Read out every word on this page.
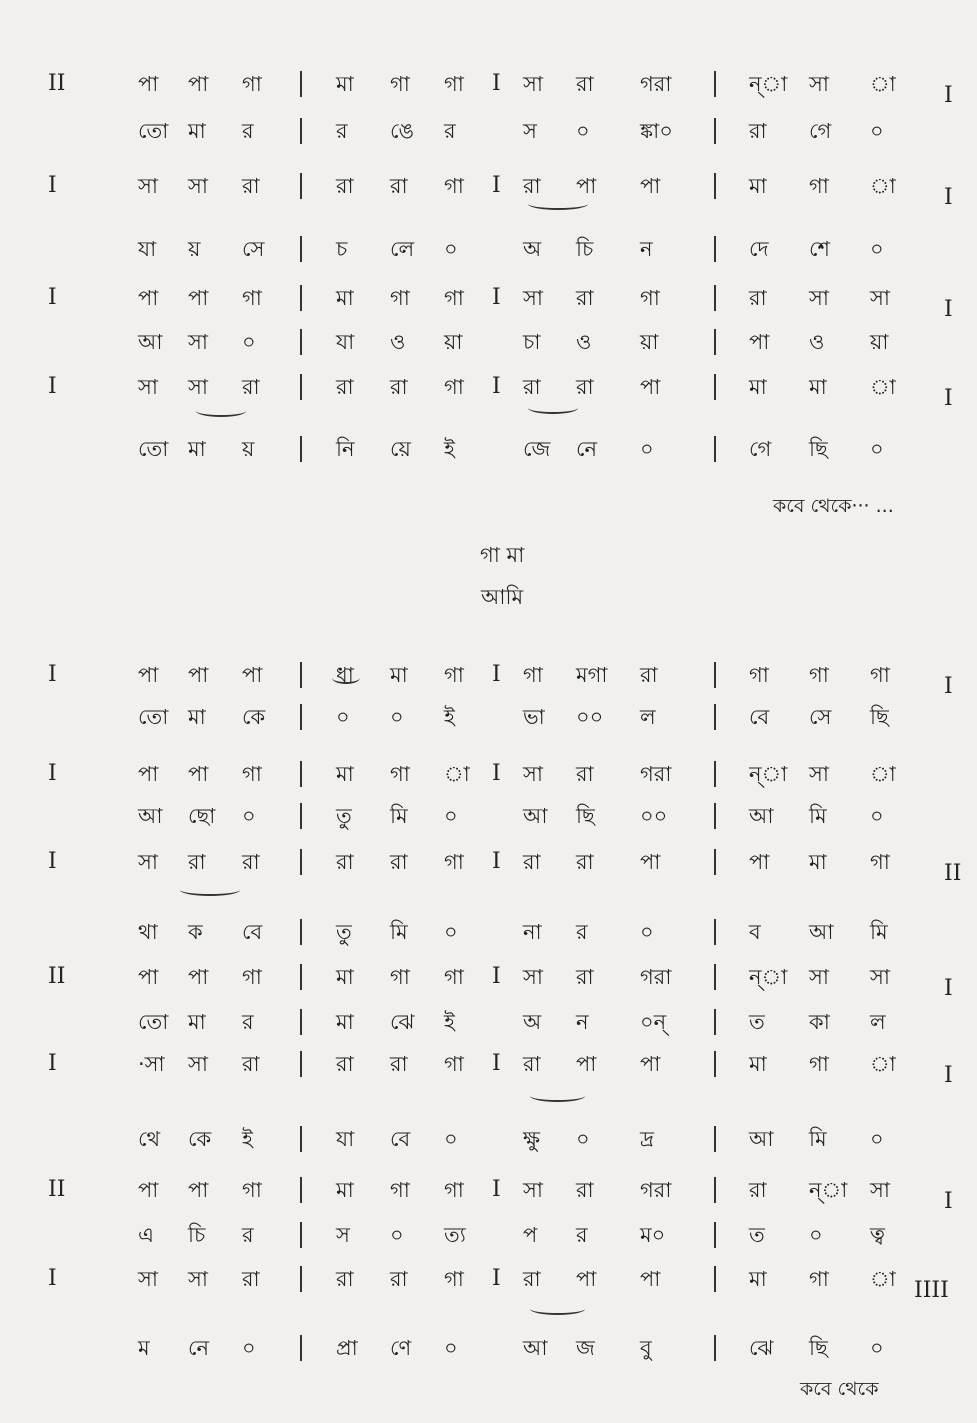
II	I
পা পা গা	মা গা গা	সা রা গরা	ন্া সা া
I
তো মা র	র ঙে র	স ০ ঙ্কা০	রা গে ০
I	I
সা সা রা	রা রা গা	রা পা পা	মা গা া
I
যা য় সে	চ লে ০	অ চি ন	দে শে ০
I	I
পা পা গা	মা গা গা	সা রা গা	রা সা সা
I
আ সা ০	যা ও য়া	চা ও য়া	পা ও য়া
I	I
সা সা রা	রা রা গা	রা রা পা	মা মা া
I
তো মা য়	নি য়ে ই	জে নে ০	গে ছি ০
কবে থেকে··· ...
গা মা
আমি
I	I
পা পা পা	ধা মা গা	গা মগা রা	গা গা গা
I
তো মা কে	০ ০ ই	ভা ০০ ল	বে সে ছি
I	পা পা গা	মা গা া	সা রা গরা	ন্া সা া
I
আ ছো ০	তু মি ০	আ ছি ০০	আ মি ০
I	II
সা রা রা	রা রা গা	রা রা পা	পা মা গা
I
থা ক বে	তু মি ০	না র ০	ব আ মি
II	I
পা পা গা	মা গা গা	সা রা গরা	ন্া সা সা
I
তো মা র	মা ঝে ই	অ ন ০ন্	ত কা ল
I	I
·সা সা রা	রা রা গা	রা পা পা	মা গা া
I
থে কে ই	যা বে ০	ক্ষু ০ দ্র	আ মি ০
II	I
পা পা গা	মা গা গা	সা রা গরা	রা ন্া সা
I
এ চি র	স ০ ত্য	প র ম০	ত ০ ত্ব
I	IIII
সা সা রা	রা রা গা	রা পা পা	মা গা া
I
ম নে ০	প্রা ণে ০	আ জ বু	ঝে ছি ০
কবে থেকে
